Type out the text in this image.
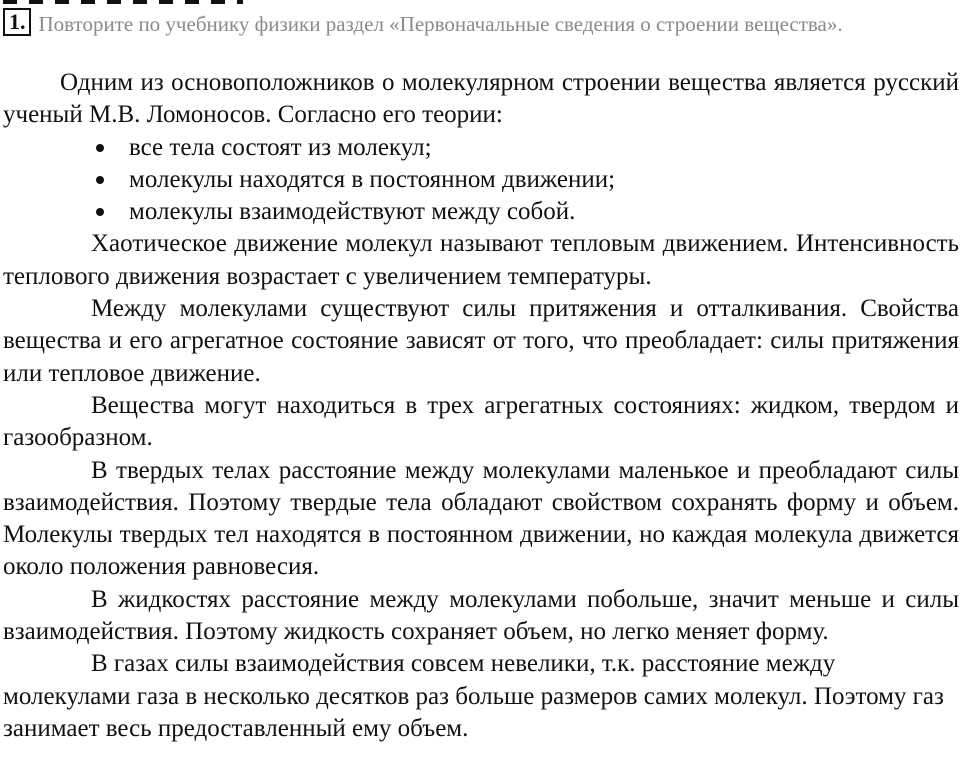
1. Повторите по учебнику физики раздел «Первоначальные сведения о строении вещества».

Одним из основоположников о молекулярном строении вещества является русский ученый М.В. Ломоносов. Согласно его теории:

все тела состоят из молекул;
молекулы находятся в постоянном движении;
молекулы взаимодействуют между собой.

Хаотическое движение молекул называют тепловым движением. Интенсивность теплового движения возрастает с увеличением температуры.

Между молекулами существуют силы притяжения и отталкивания. Свойства вещества и его агрегатное состояние зависят от того, что преобладает: силы притяжения или тепловое движение.

Вещества могут находиться в трех агрегатных состояниях: жидком, твердом и газообразном.

В твердых телах расстояние между молекулами маленькое и преобладают силы взаимодействия. Поэтому твердые тела обладают свойством сохранять форму и объем. Молекулы твердых тел находятся в постоянном движении, но каждая молекула движется около положения равновесия.

В жидкостях расстояние между молекулами побольше, значит меньше и силы взаимодействия. Поэтому жидкость сохраняет объем, но легко меняет форму.

В газах силы взаимодействия совсем невелики, т.к. расстояние между молекулами газа в несколько десятков раз больше размеров самих молекул. Поэтому газ занимает весь предоставленный ему объем.
